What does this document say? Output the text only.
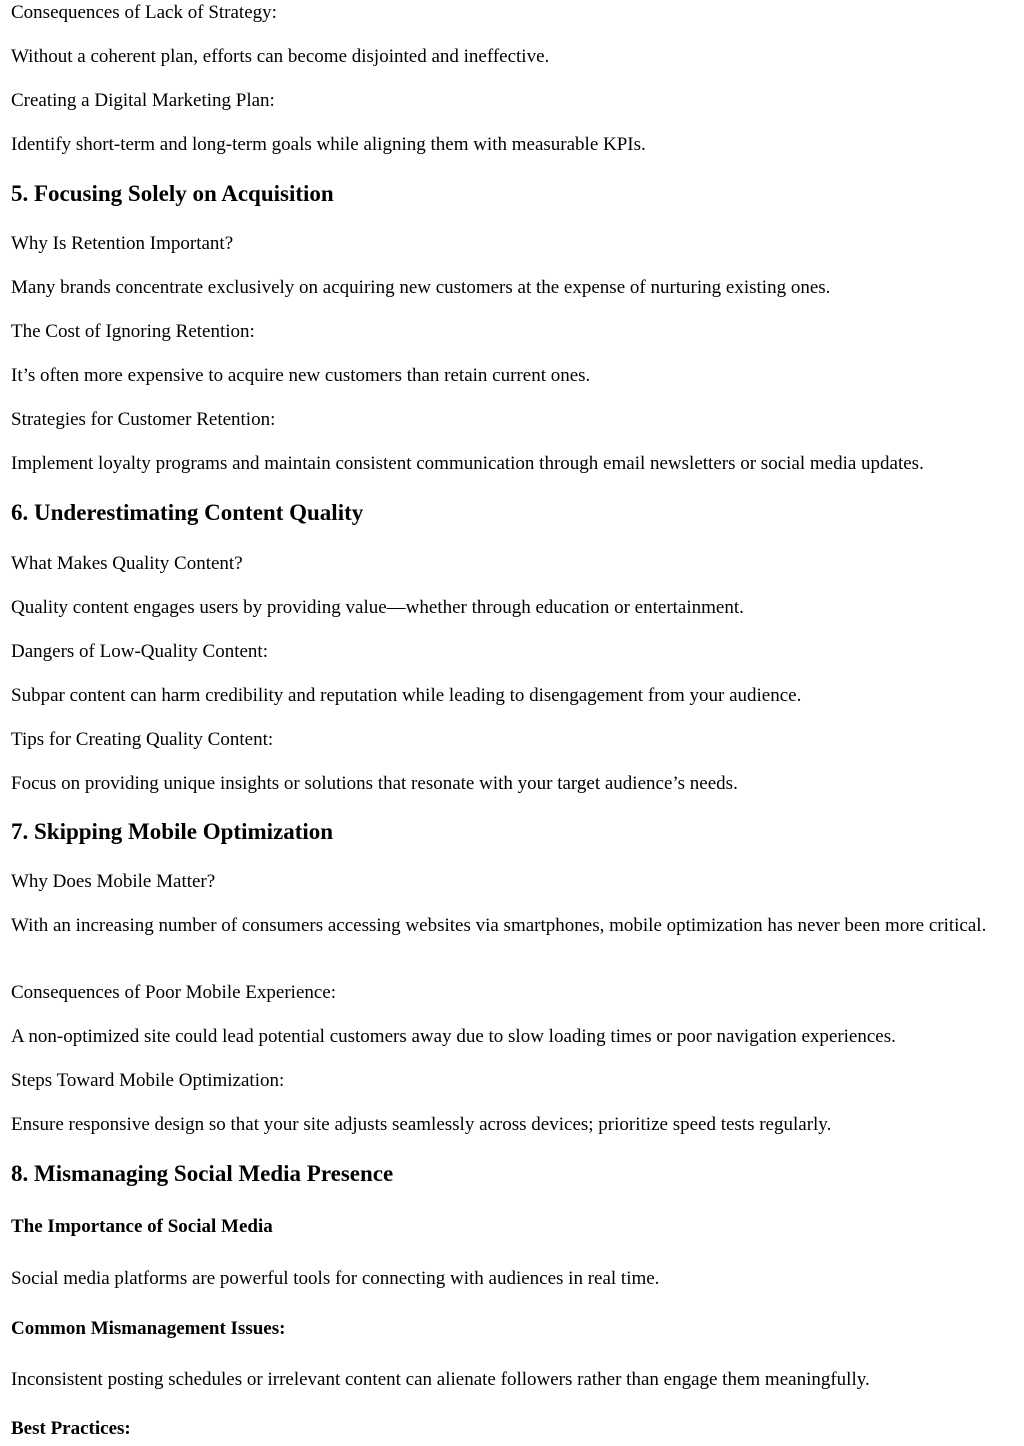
Consequences of Lack of Strategy:
Without a coherent plan, efforts can become disjointed and ineffective.
Creating a Digital Marketing Plan:
Identify short-term and long-term goals while aligning them with measurable KPIs.
5. Focusing Solely on Acquisition
Why Is Retention Important?
Many brands concentrate exclusively on acquiring new customers at the expense of nurturing existing ones.
The Cost of Ignoring Retention:
It’s often more expensive to acquire new customers than retain current ones.
Strategies for Customer Retention:
Implement loyalty programs and maintain consistent communication through email newsletters or social media updates.
6. Underestimating Content Quality
What Makes Quality Content?
Quality content engages users by providing value—whether through education or entertainment.
Dangers of Low-Quality Content:
Subpar content can harm credibility and reputation while leading to disengagement from your audience.
Tips for Creating Quality Content:
Focus on providing unique insights or solutions that resonate with your target audience’s needs.
7. Skipping Mobile Optimization
Why Does Mobile Matter?
With an increasing number of consumers accessing websites via smartphones, mobile optimization has never been more critical.
Consequences of Poor Mobile Experience:
A non-optimized site could lead potential customers away due to slow loading times or poor navigation experiences.
Steps Toward Mobile Optimization:
Ensure responsive design so that your site adjusts seamlessly across devices; prioritize speed tests regularly.
8. Mismanaging Social Media Presence
The Importance of Social Media
Social media platforms are powerful tools for connecting with audiences in real time.
Common Mismanagement Issues:
Inconsistent posting schedules or irrelevant content can alienate followers rather than engage them meaningfully.
Best Practices:
